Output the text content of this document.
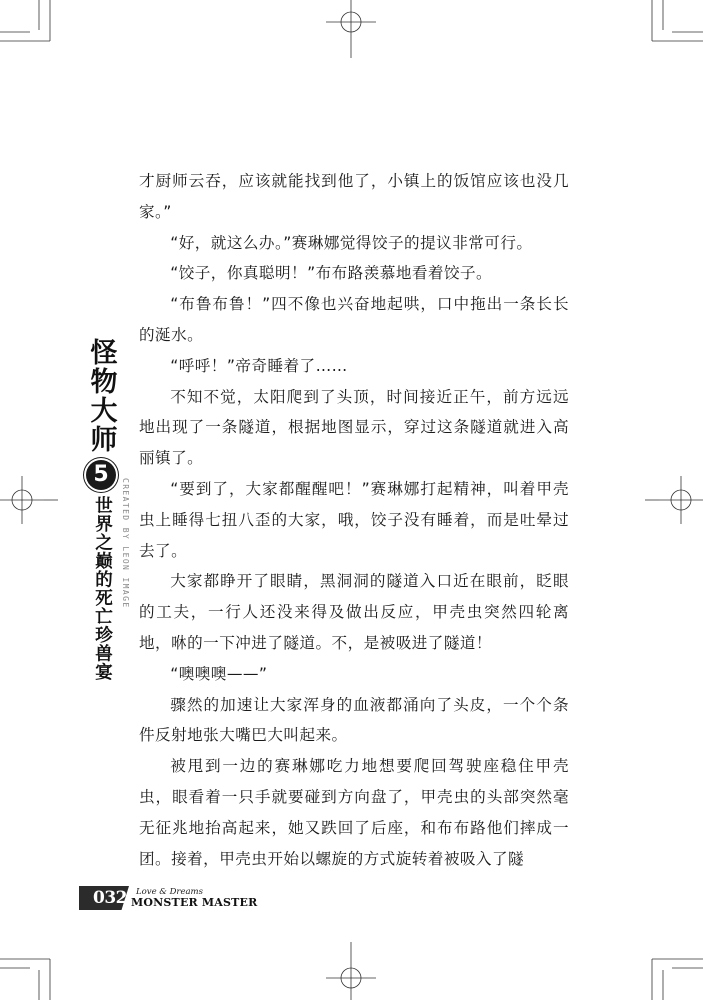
怪物大师
5
世界之巅的死亡珍兽宴	CREATED BY LEON IMAGE

才厨师云吞，应该就能找到他了，小镇上的饭馆应该也没几家。”

“好，就这么办。”赛琳娜觉得饺子的提议非常可行。

“饺子，你真聪明！”布布路羡慕地看着饺子。

“布鲁布鲁！”四不像也兴奋地起哄，口中拖出一条长长的涎水。

“呼呼！”帝奇睡着了……

不知不觉，太阳爬到了头顶，时间接近正午，前方远远地出现了一条隧道，根据地图显示，穿过这条隧道就进入高丽镇了。

“要到了，大家都醒醒吧！”赛琳娜打起精神，叫着甲壳虫上睡得七扭八歪的大家，哦，饺子没有睡着，而是吐晕过去了。

大家都睁开了眼睛，黑洞洞的隧道入口近在眼前，眨眼的工夫，一行人还没来得及做出反应，甲壳虫突然四轮离地，咻的一下冲进了隧道。不，是被吸进了隧道！

“噢噢噢——”

骤然的加速让大家浑身的血液都涌向了头皮，一个个条件反射地张大嘴巴大叫起来。

被甩到一边的赛琳娜吃力地想要爬回驾驶座稳住甲壳虫，眼看着一只手就要碰到方向盘了，甲壳虫的头部突然毫无征兆地抬高起来，她又跌回了后座，和布布路他们摔成一团。接着，甲壳虫开始以螺旋的方式旋转着被吸入了隧

032 Love & Dreams
MONSTER MASTER
